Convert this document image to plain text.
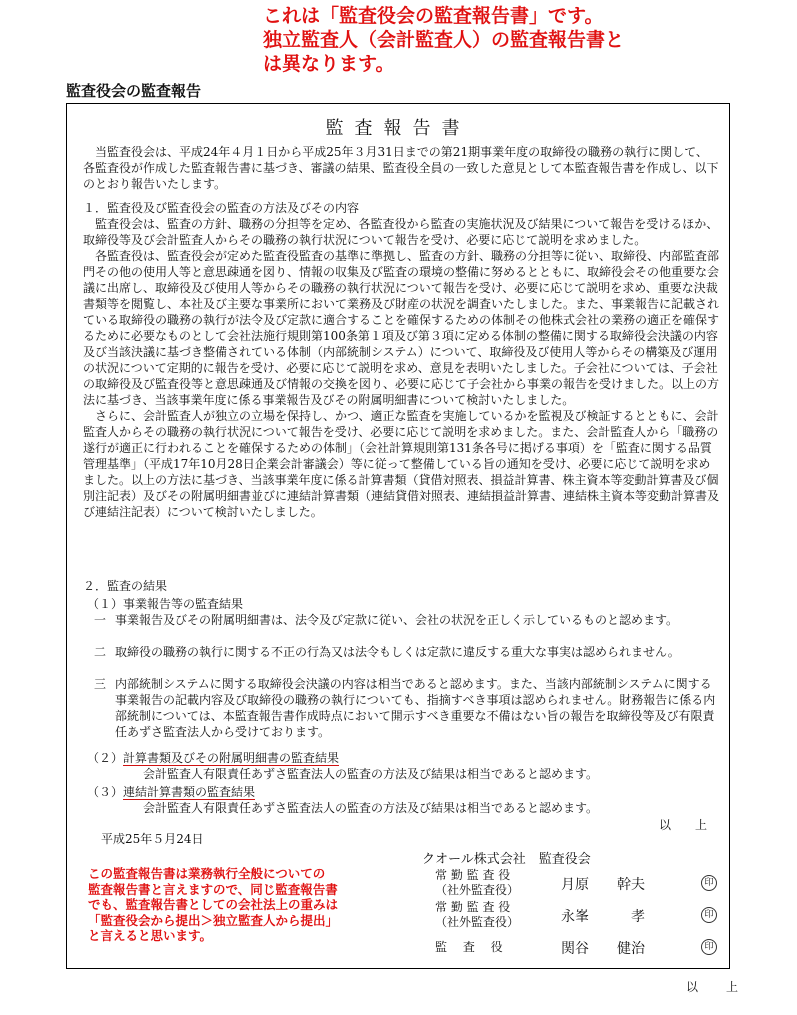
これは「監査役会の監査報告書」です。
独立監査人（会計監査人）の監査報告書と
は異なります。
監査役会の監査報告
監査報告書

当監査役会は、平成24年４月１日から平成25年３月31日までの第21期事業年度の取締役の職務の執行に関して、各監査役が作成した監査報告書に基づき、審議の結果、監査役全員の一致した意見として本監査報告書を作成し、以下のとおり報告いたします。

１．監査役及び監査役会の監査の方法及びその内容

監査役会は、監査の方針、職務の分担等を定め、各監査役から監査の実施状況及び結果について報告を受けるほか、取締役等及び会計監査人からその職務の執行状況について報告を受け、必要に応じて説明を求めました。

各監査役は、監査役会が定めた監査役監査の基準に準拠し、監査の方針、職務の分担等に従い、取締役、内部監査部門その他の使用人等と意思疎通を図り、情報の収集及び監査の環境の整備に努めるとともに、取締役会その他重要な会議に出席し、取締役及び使用人等からその職務の執行状況について報告を受け、必要に応じて説明を求め、重要な決裁書類等を閲覧し、本社及び主要な事業所において業務及び財産の状況を調査いたしました。また、事業報告に記載されている取締役の職務の執行が法令及び定款に適合することを確保するための体制その他株式会社の業務の適正を確保するために必要なものとして会社法施行規則第100条第１項及び第３項に定める体制の整備に関する取締役会決議の内容及び当該決議に基づき整備されている体制（内部統制システム）について、取締役及び使用人等からその構築及び運用の状況について定期的に報告を受け、必要に応じて説明を求め、意見を表明いたしました。子会社については、子会社の取締役及び監査役等と意思疎通及び情報の交換を図り、必要に応じて子会社から事業の報告を受けました。以上の方法に基づき、当該事業年度に係る事業報告及びその附属明細書について検討いたしました。

さらに、会計監査人が独立の立場を保持し、かつ、適正な監査を実施しているかを監視及び検証するとともに、会計監査人からその職務の執行状況について報告を受け、必要に応じて説明を求めました。また、会計監査人から「職務の遂行が適正に行われることを確保するための体制」（会社計算規則第131条各号に掲げる事項）を「監査に関する品質管理基準」（平成17年10月28日企業会計審議会）等に従って整備している旨の通知を受け、必要に応じて説明を求めました。以上の方法に基づき、当該事業年度に係る計算書類（貸借対照表、損益計算書、株主資本等変動計算書及び個別注記表）及びその附属明細書並びに連結計算書類（連結貸借対照表、連結損益計算書、連結株主資本等変動計算書及び連結注記表）について検討いたしました。

２．監査の結果
（１）事業報告等の監査結果
一 事業報告及びその附属明細書は、法令及び定款に従い、会社の状況を正しく示しているものと認めます。
二 取締役の職務の執行に関する不正の行為又は法令もしくは定款に違反する重大な事実は認められません。
三 内部統制システムに関する取締役会決議の内容は相当であると認めます。また、当該内部統制システムに関する事業報告の記載内容及び取締役の職務の執行についても、指摘すべき事項は認められません。財務報告に係る内部統制については、本監査報告書作成時点において開示すべき重要な不備はない旨の報告を取締役等及び有限責任あずさ監査法人から受けております。
（２）計算書類及びその附属明細書の監査結果
会計監査人有限責任あずさ監査法人の監査の方法及び結果は相当であると認めます。
（３）連結計算書類の監査結果
会計監査人有限責任あずさ監査法人の監査の方法及び結果は相当であると認めます。
以　上
平成25年５月24日
クオール株式会社　監査役会
常 勤 監 査 役
（社外監査役）	月原　　幹夫	印
常 勤 監 査 役
（社外監査役）	永峯　　　孝	印
監　 査　 役	関谷　　健治	印
この監査報告書は業務執行全般についての
監査報告書と言えますので、同じ監査報告書
でも、監査報告書としての会社法上の重みは
「監査役会から提出＞独立監査人から提出」
と言えると思います。
以　上
